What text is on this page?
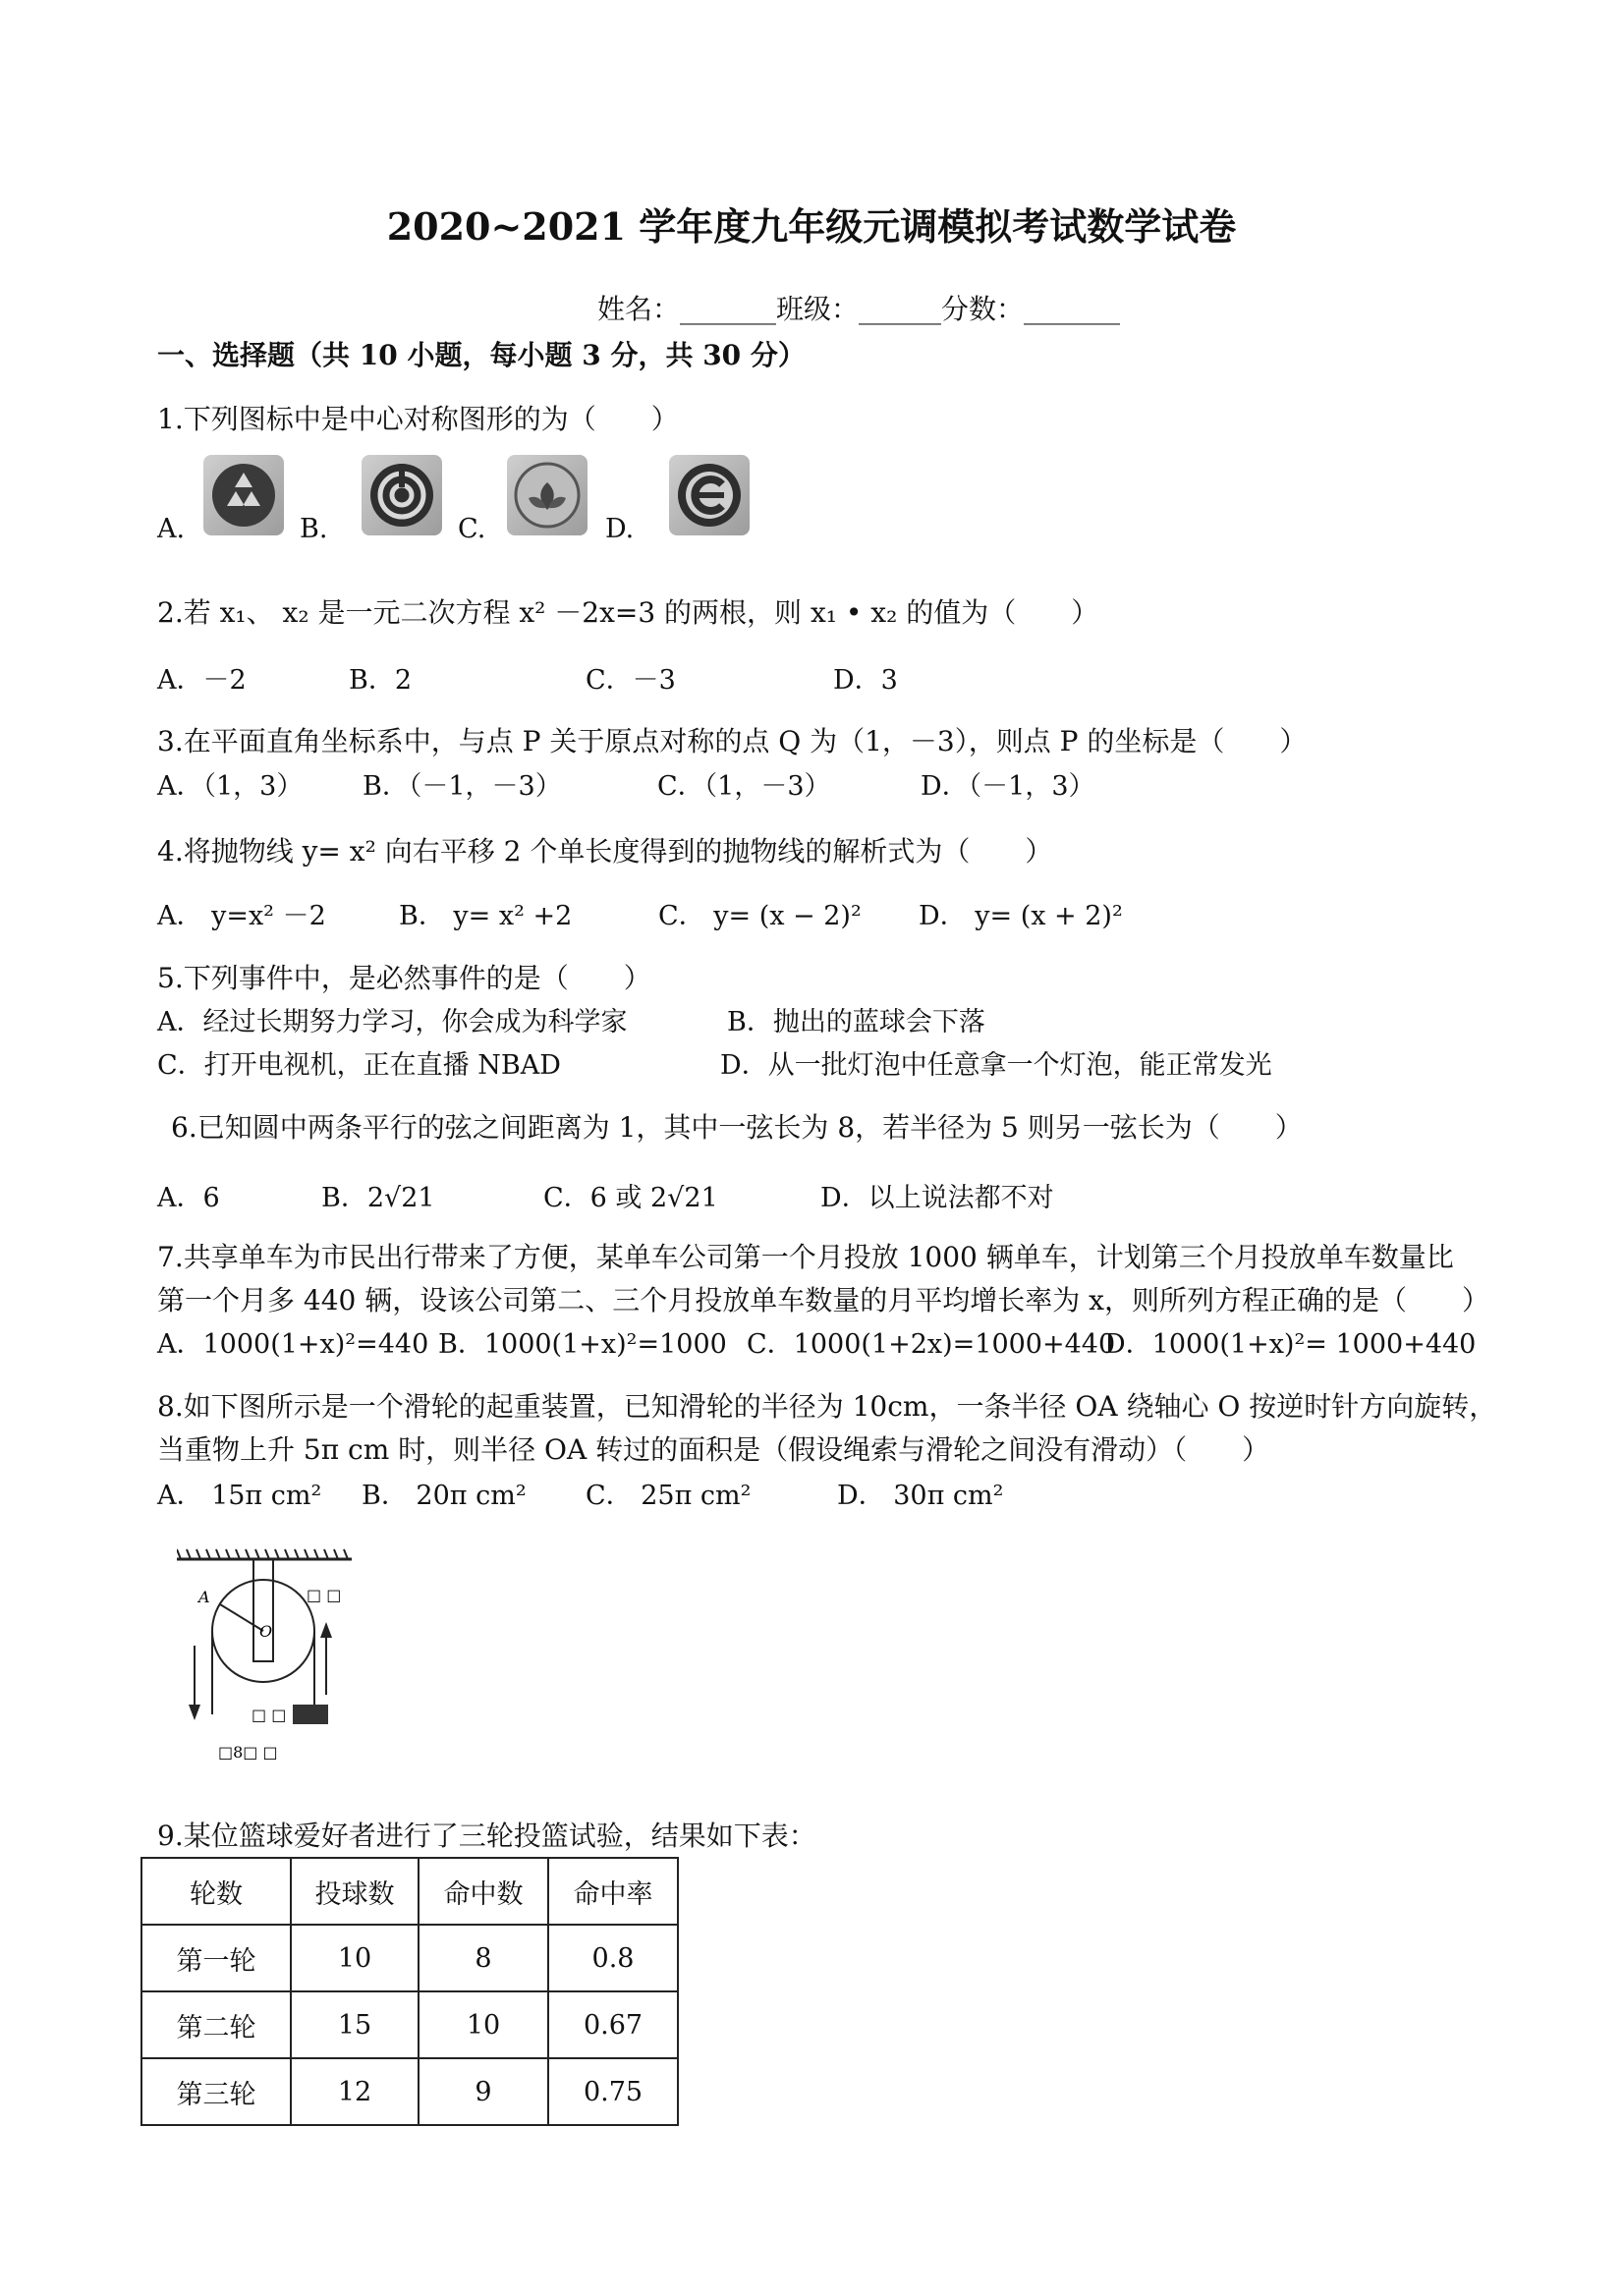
2020~2021 学年度九年级元调模拟考试数学试卷
姓名：_______班级：______分数：_______
一、选择题（共 10 小题，每小题 3 分，共 30 分）
1.下列图标中是中心对称图形的为（　　）
A.	B.	C.	D.
2.若 x₁、 x₂ 是一元二次方程 x² －2x=3 的两根，则 x₁ • x₂ 的值为（　　）
A．－2	B．2	C．－3	D．3
3.在平面直角坐标系中，与点 P 关于原点对称的点 Q 为（1，－3），则点 P 的坐标是（　　）
A．（1，3） B．（－1，－3）	C．（1，－3）	D．（－1，3）
4.将抛物线 y= x² 向右平移 2 个单长度得到的抛物线的解析式为（　　）
A． y=x² －2	B． y= x² +2	C． y= (x − 2)² D． y= (x + 2)²
5.下列事件中，是必然事件的是（　　）
A．经过长期努力学习，你会成为科学家	B．抛出的蓝球会下落
C．打开电视机，正在直播 NBAD	D．从一批灯泡中任意拿一个灯泡，能正常发光
6.已知圆中两条平行的弦之间距离为 1，其中一弦长为 8，若半径为 5 则另一弦长为（　　）
A．6	B．2√21	C．6 或 2√21	D．以上说法都不对
7.共享单车为市民出行带来了方便，某单车公司第一个月投放 1000 辆单车，计划第三个月投放单车数量比
第一个月多 440 辆，设该公司第二、三个月投放单车数量的月平均增长率为 x，则所列方程正确的是（　　）
A．1000(1+x)²=440 B．1000(1+x)²=1000 C．1000(1+2x)=1000+440
D．1000(1+x)²= 1000+440
8.如下图所示是一个滑轮的起重装置，已知滑轮的半径为 10cm，一条半径 OA 绕轴心 O 按逆时针方向旋转，
当重物上升 5π cm 时，则半径 OA 转过的面积是（假设绳索与滑轮之间没有滑动）（　　）
A． 15π cm² B． 20π cm² C． 25π cm²	D． 30π cm²
A
O
□ □
□ □
□8□ □
9.某位篮球爱好者进行了三轮投篮试验，结果如下表：
轮数	投球数	命中数	命中率
第一轮	10	8	0.8
第二轮	15	10	0.67
第三轮	12	9	0.75
